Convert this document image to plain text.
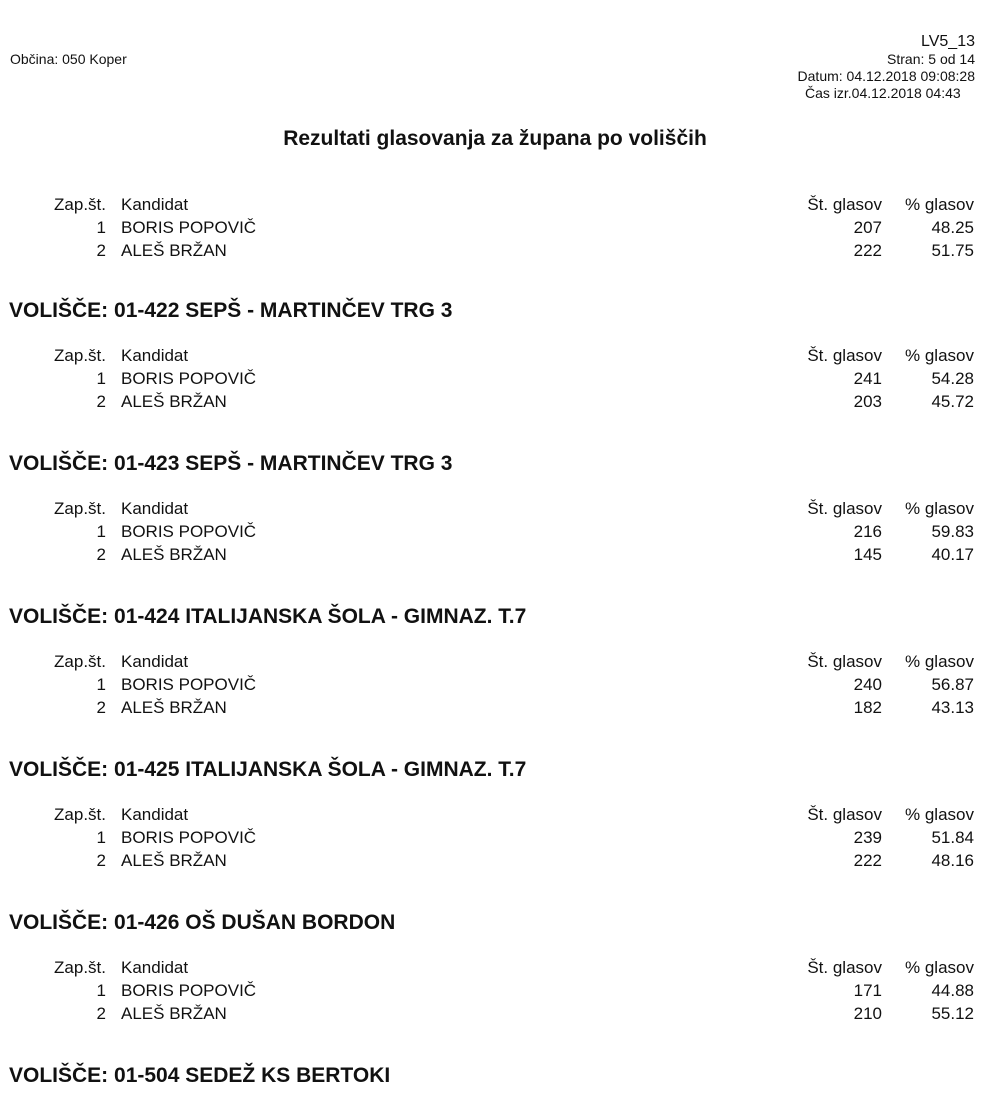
Občina: 050 Koper
LV5_13
Stran: 5 od 14
Datum: 04.12.2018 09:08:28
Čas izr.04.12.2018 04:43
Rezultati glasovanja za župana po voliščih
Zap.št. Kandidat	Št. glasov	% glasov
1 BORIS POPOVIČ	207	48.25
2 ALEŠ BRŽAN	222	51.75
VOLIŠČE: 01-422 SEPŠ - MARTINČEV TRG 3
Zap.št. Kandidat	Št. glasov	% glasov
1 BORIS POPOVIČ	241	54.28
2 ALEŠ BRŽAN	203	45.72
VOLIŠČE: 01-423 SEPŠ - MARTINČEV TRG 3
Zap.št. Kandidat	Št. glasov	% glasov
1 BORIS POPOVIČ	216	59.83
2 ALEŠ BRŽAN	145	40.17
VOLIŠČE: 01-424 ITALIJANSKA ŠOLA - GIMNAZ. T.7
Zap.št. Kandidat	Št. glasov	% glasov
1 BORIS POPOVIČ	240	56.87
2 ALEŠ BRŽAN	182	43.13
VOLIŠČE: 01-425 ITALIJANSKA ŠOLA - GIMNAZ. T.7
Zap.št. Kandidat	Št. glasov	% glasov
1 BORIS POPOVIČ	239	51.84
2 ALEŠ BRŽAN	222	48.16
VOLIŠČE: 01-426 OŠ DUŠAN BORDON
Zap.št. Kandidat	Št. glasov	% glasov
1 BORIS POPOVIČ	171	44.88
2 ALEŠ BRŽAN	210	55.12
VOLIŠČE: 01-504 SEDEŽ KS BERTOKI
